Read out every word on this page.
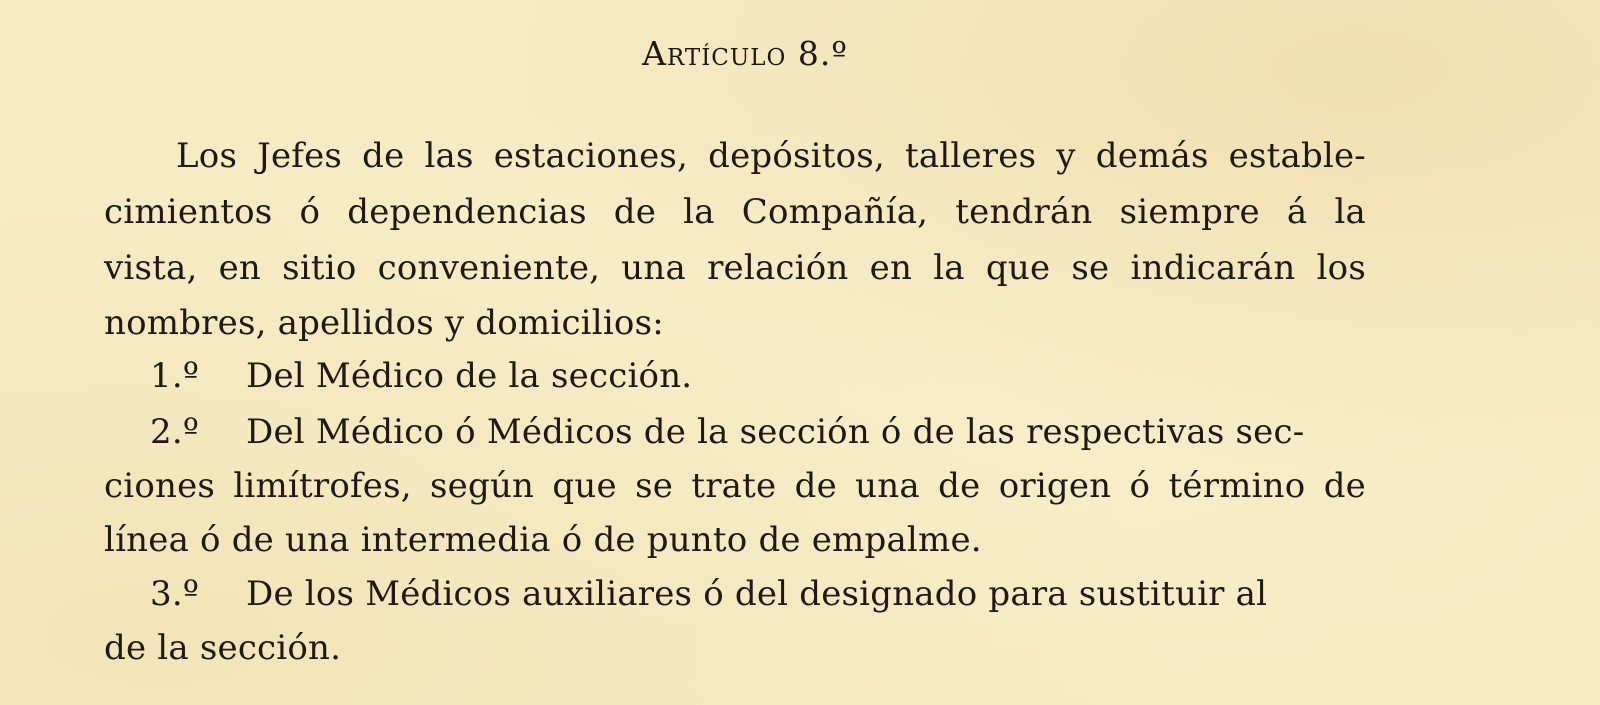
Artículo 8.º
Los Jefes de las estaciones, depósitos, talleres y demás estable-
cimientos ó dependencias de la Compañía, tendrán siempre á la
vista, en sitio conveniente, una relación en la que se indicarán los
nombres, apellidos y domicilios:
1.º Del Médico de la sección.
2.º Del Médico ó Médicos de la sección ó de las respectivas sec-
ciones limítrofes, según que se trate de una de origen ó término de
línea ó de una intermedia ó de punto de empalme.
3.º De los Médicos auxiliares ó del designado para sustituir al
de la sección.
